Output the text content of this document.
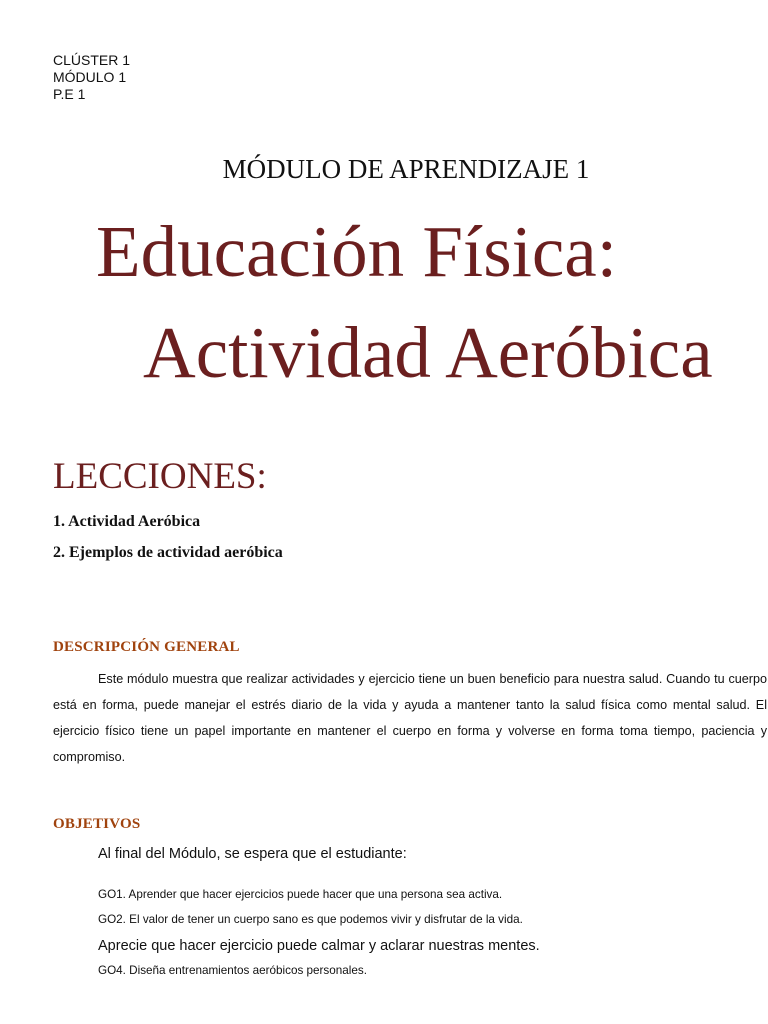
CLÚSTER 1
MÓDULO 1
P.E 1
MÓDULO DE APRENDIZAJE 1
Educación Física:
Actividad Aeróbica
LECCIONES:
1. Actividad Aeróbica
2. Ejemplos de actividad aeróbica
DESCRIPCIÓN GENERAL
Este módulo muestra que realizar actividades y ejercicio tiene un buen beneficio para nuestra salud. Cuando tu cuerpo está en forma, puede manejar el estrés diario de la vida y ayuda a mantener tanto la salud física como mental salud. El ejercicio físico tiene un papel importante en mantener el cuerpo en forma y volverse en forma toma tiempo, paciencia y compromiso.
OBJETIVOS
Al final del Módulo, se espera que el estudiante:
GO1. Aprender que hacer ejercicios puede hacer que una persona sea activa.
GO2. El valor de tener un cuerpo sano es que podemos vivir y disfrutar de la vida.
Aprecie que hacer ejercicio puede calmar y aclarar nuestras mentes.
GO4. Diseña entrenamientos aeróbicos personales.
